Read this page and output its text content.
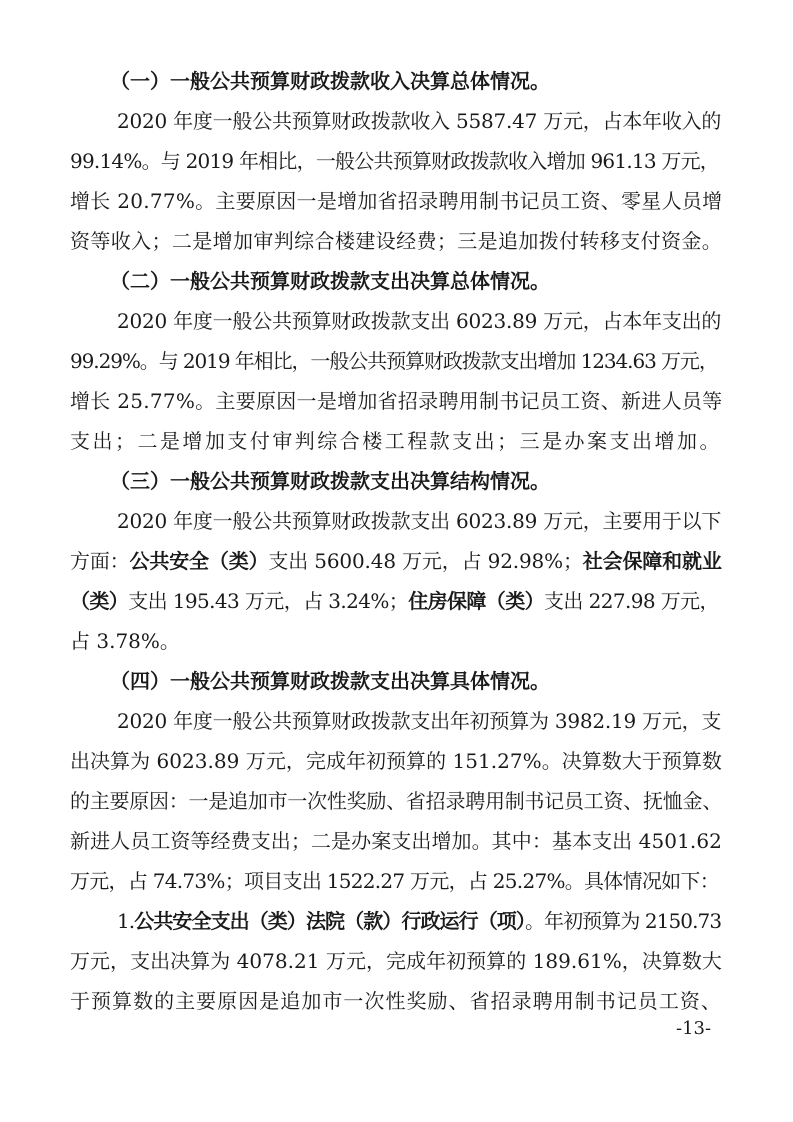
（一）一般公共预算财政拨款收入决算总体情况。
2020 年度一般公共预算财政拨款收入 5587.47 万元，占本年收入的
99.14%。与 2019 年相比，一般公共预算财政拨款收入增加 961.13 万元，
增长 20.77%。主要原因一是增加省招录聘用制书记员工资、零星人员增
资等收入；二是增加审判综合楼建设经费；三是追加拨付转移支付资金。
（二）一般公共预算财政拨款支出决算总体情况。
2020 年度一般公共预算财政拨款支出 6023.89 万元，占本年支出的
99.29%。与 2019 年相比，一般公共预算财政拨款支出增加 1234.63 万元，
增长 25.77%。主要原因一是增加省招录聘用制书记员工资、新进人员等
支出；二是增加支付审判综合楼工程款支出；三是办案支出增加。
（三）一般公共预算财政拨款支出决算结构情况。
2020 年度一般公共预算财政拨款支出 6023.89 万元，主要用于以下
方面：公共安全（类）支出 5600.48 万元，占 92.98%；社会保障和就业
（类）支出 195.43 万元，占 3.24%；住房保障（类）支出 227.98 万元，
占 3.78%。
（四）一般公共预算财政拨款支出决算具体情况。
2020 年度一般公共预算财政拨款支出年初预算为 3982.19 万元，支
出决算为 6023.89 万元，完成年初预算的 151.27%。决算数大于预算数
的主要原因：一是追加市一次性奖励、省招录聘用制书记员工资、抚恤金、
新进人员工资等经费支出；二是办案支出增加。其中：基本支出 4501.62
万元，占 74.73%；项目支出 1522.27 万元，占 25.27%。具体情况如下：
1.公共安全支出（类）法院（款）行政运行（项）。年初预算为 2150.73
万元，支出决算为 4078.21 万元，完成年初预算的 189.61%，决算数大
于预算数的主要原因是追加市一次性奖励、省招录聘用制书记员工资、
-13-
